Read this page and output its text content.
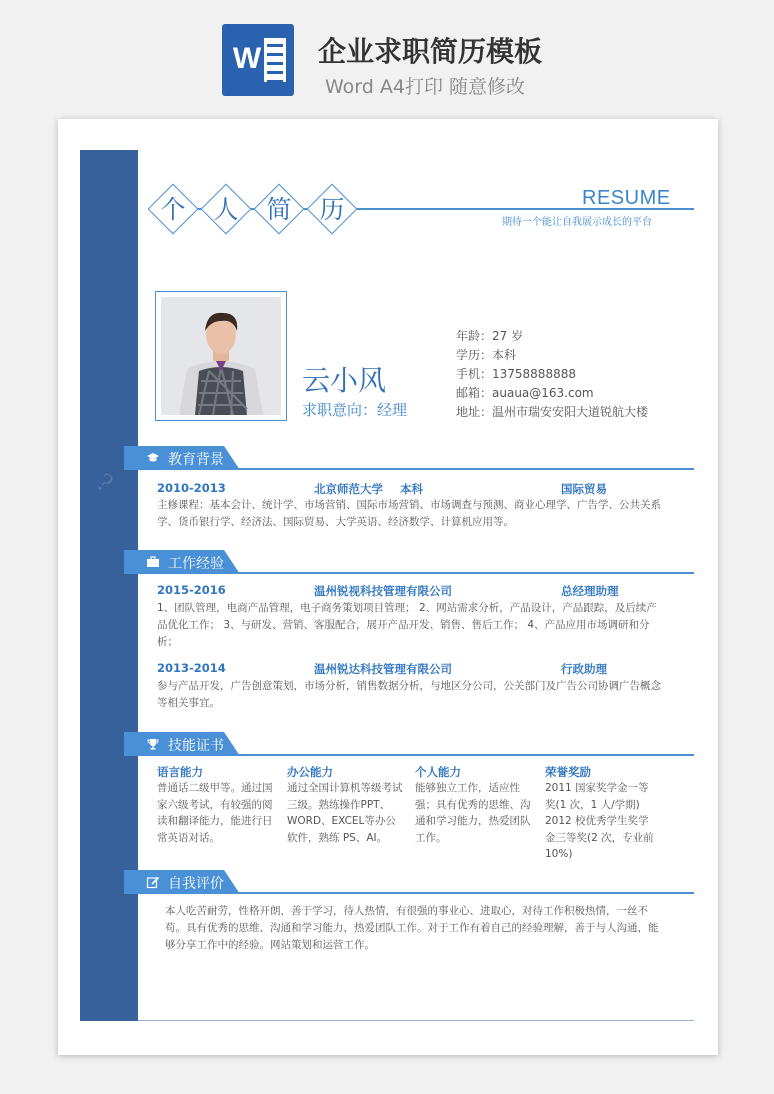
W 企业求职简历模板
Word A4打印 随意修改
?
个 人 简 历	RESUME
期待一个能让自我展示成长的平台
云小风
求职意向：经理
年龄：27 岁
学历：本科
手机：13758888888
邮箱：auaua@163.com
地址：温州市瑞安安阳大道锐航大楼
教育背景
2010-2013	北京师范大学 本科	国际贸易
主修课程：基本会计、统计学、市场营销、国际市场营销、市场调查与预测、商业心理学、广告学、公共关系学、货币银行学、经济法、国际贸易、大学英语、经济数学、计算机应用等。
工作经验
2015-2016	温州锐视科技管理有限公司	总经理助理
1、团队管理，电商产品管理，电子商务策划项目管理； 2、网站需求分析，产品设计，产品跟踪，及后续产品优化工作； 3、与研发、营销、客服配合，展开产品开发、销售、售后工作； 4、产品应用市场调研和分析；
2013-2014	温州锐达科技管理有限公司	行政助理
参与产品开发，广告创意策划，市场分析，销售数据分析，与地区分公司，公关部门及广告公司协调广告概念等相关事宜。
技能证书
语言能力
普通话二级甲等。通过国家六级考试，有较强的阅读和翻译能力，能进行日常英语对话。
办公能力
通过全国计算机等级考试三级。熟练操作PPT、WORD、EXCEL等办公软件，熟练 PS、AI。
个人能力
能够独立工作，适应性强；具有优秀的思维、沟通和学习能力，热爱团队工作。
荣誉奖励
2011 国家奖学金一等奖(1 次，1 人/学期) 2012 校优秀学生奖学金三等奖(2 次，专业前 10%)
自我评价
本人吃苦耐劳，性格开朗，善于学习，待人热情，有很强的事业心、进取心，对待工作积极热情，一丝不苟。具有优秀的思维、沟通和学习能力，热爱团队工作。对于工作有着自己的经验理解，善于与人沟通，能够分享工作中的经验。网站策划和运营工作。
